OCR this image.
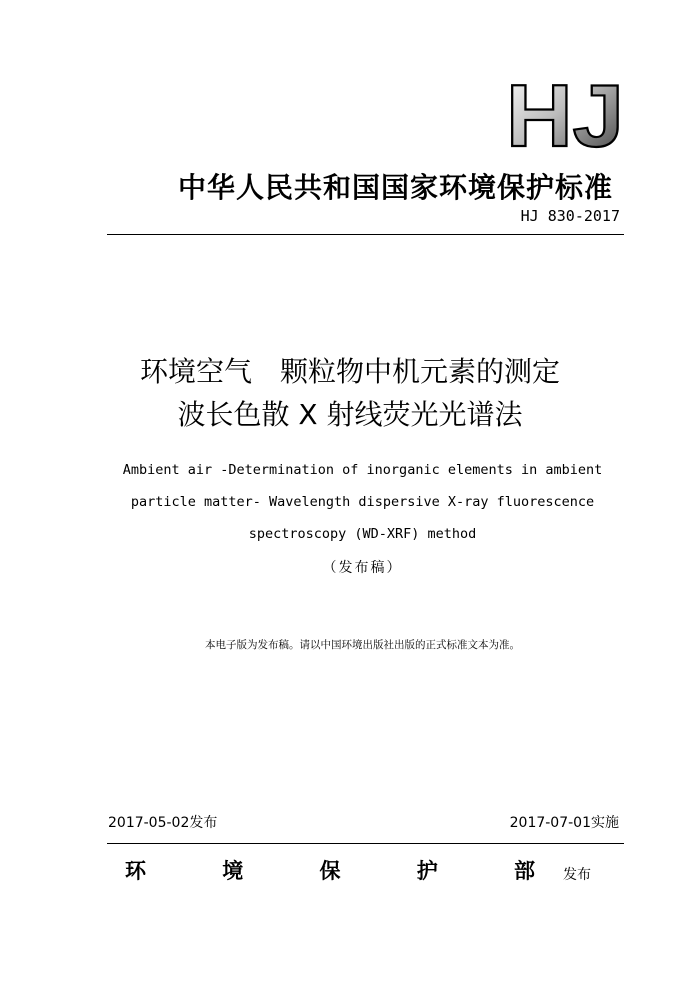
HJ
中华人民共和国国家环境保护标准
HJ 830-2017
环境空气　颗粒物中机元素的测定
波长色散 X 射线荧光光谱法
Ambient air -Determination of inorganic elements in ambient
particle matter- Wavelength dispersive X-ray fluorescence
spectroscopy (WD-XRF) method
（发布稿）
本电子版为发布稿。请以中国环境出版社出版的正式标准文本为准。
2017-05-02发布	2017-07-01实施
环	境	保	护	部 发布
